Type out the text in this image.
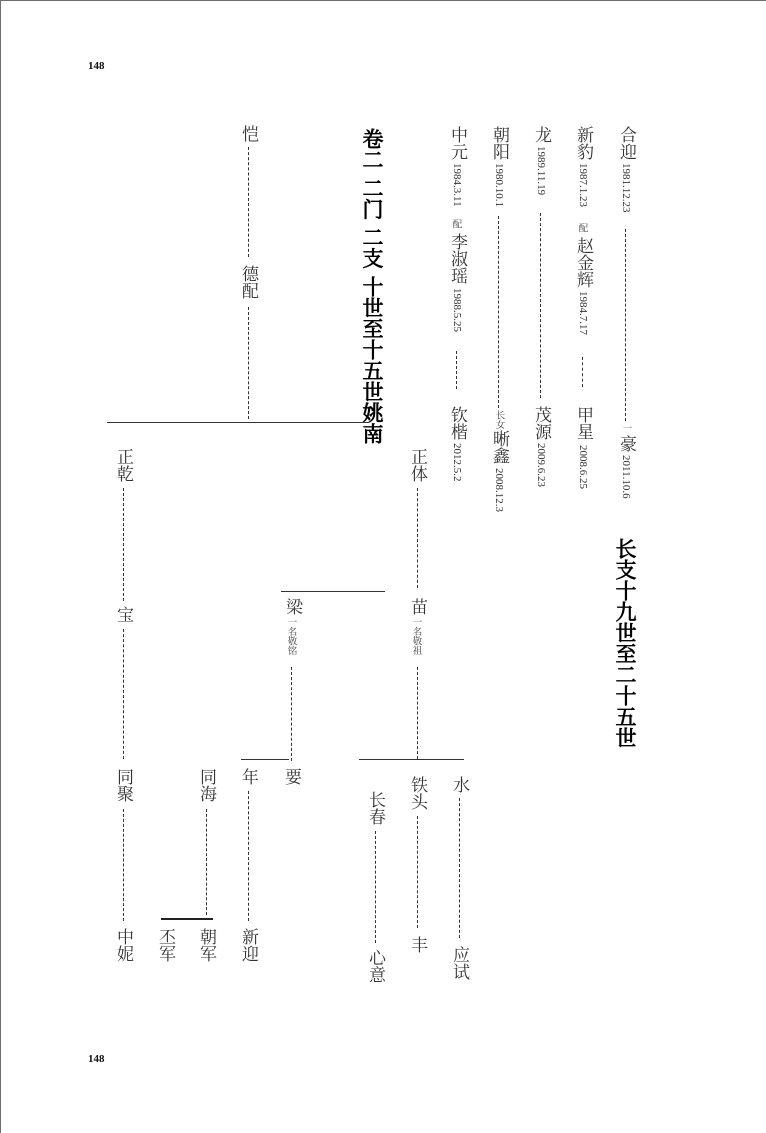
148
148
长支十九世至二十五世
合迎
1981.12.23
一
豪
2011.10.6
新豹
1987.1.23
配
赵金辉
1984.7.17
甲星
2008.6.25
龙
1989.11.19
茂源
2009.6.23
朝阳
1980.10.1
长女
晰鑫
2008.12.3
中元
1984.3.11
配
李淑瑶
1988.5.25
钦楷
2012.5.2
卷二 二门 二支 十世至十五世姚南
恺
德配
正乾
宝
同聚
中妮
正体
梁
一名敬铭
苗
一名敬祖
同海
丕军 朝军
年
新迎
要
长春
心意
铁头
丰
水
应试
